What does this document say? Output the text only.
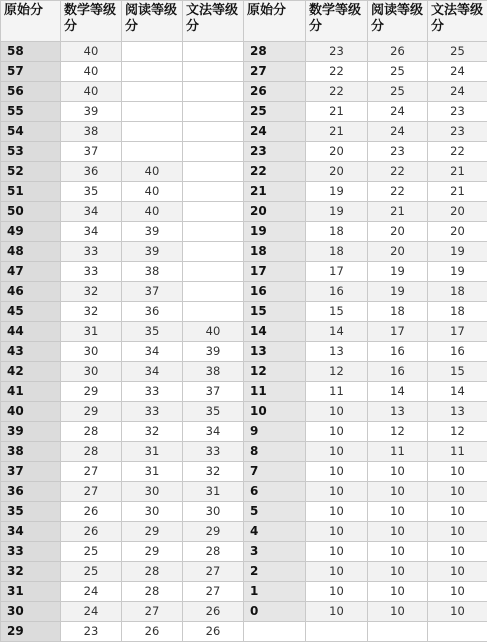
原始分	数学等级分	阅读等级分	文法等级分	原始分	数学等级分	阅读等级分	文法等级分
58	40			28	23	26	25
57	40			27	22	25	24
56	40			26	22	25	24
55	39			25	21	24	23
54	38			24	21	24	23
53	37			23	20	23	22
52	36	40		22	20	22	21
51	35	40		21	19	22	21
50	34	40		20	19	21	20
49	34	39		19	18	20	20
48	33	39		18	18	20	19
47	33	38		17	17	19	19
46	32	37		16	16	19	18
45	32	36		15	15	18	18
44	31	35	40	14	14	17	17
43	30	34	39	13	13	16	16
42	30	34	38	12	12	16	15
41	29	33	37	11	11	14	14
40	29	33	35	10	10	13	13
39	28	32	34	9	10	12	12
38	28	31	33	8	10	11	11
37	27	31	32	7	10	10	10
36	27	30	31	6	10	10	10
35	26	30	30	5	10	10	10
34	26	29	29	4	10	10	10
33	25	29	28	3	10	10	10
32	25	28	27	2	10	10	10
31	24	28	27	1	10	10	10
30	24	27	26	0	10	10	10
29	23	26	26				
